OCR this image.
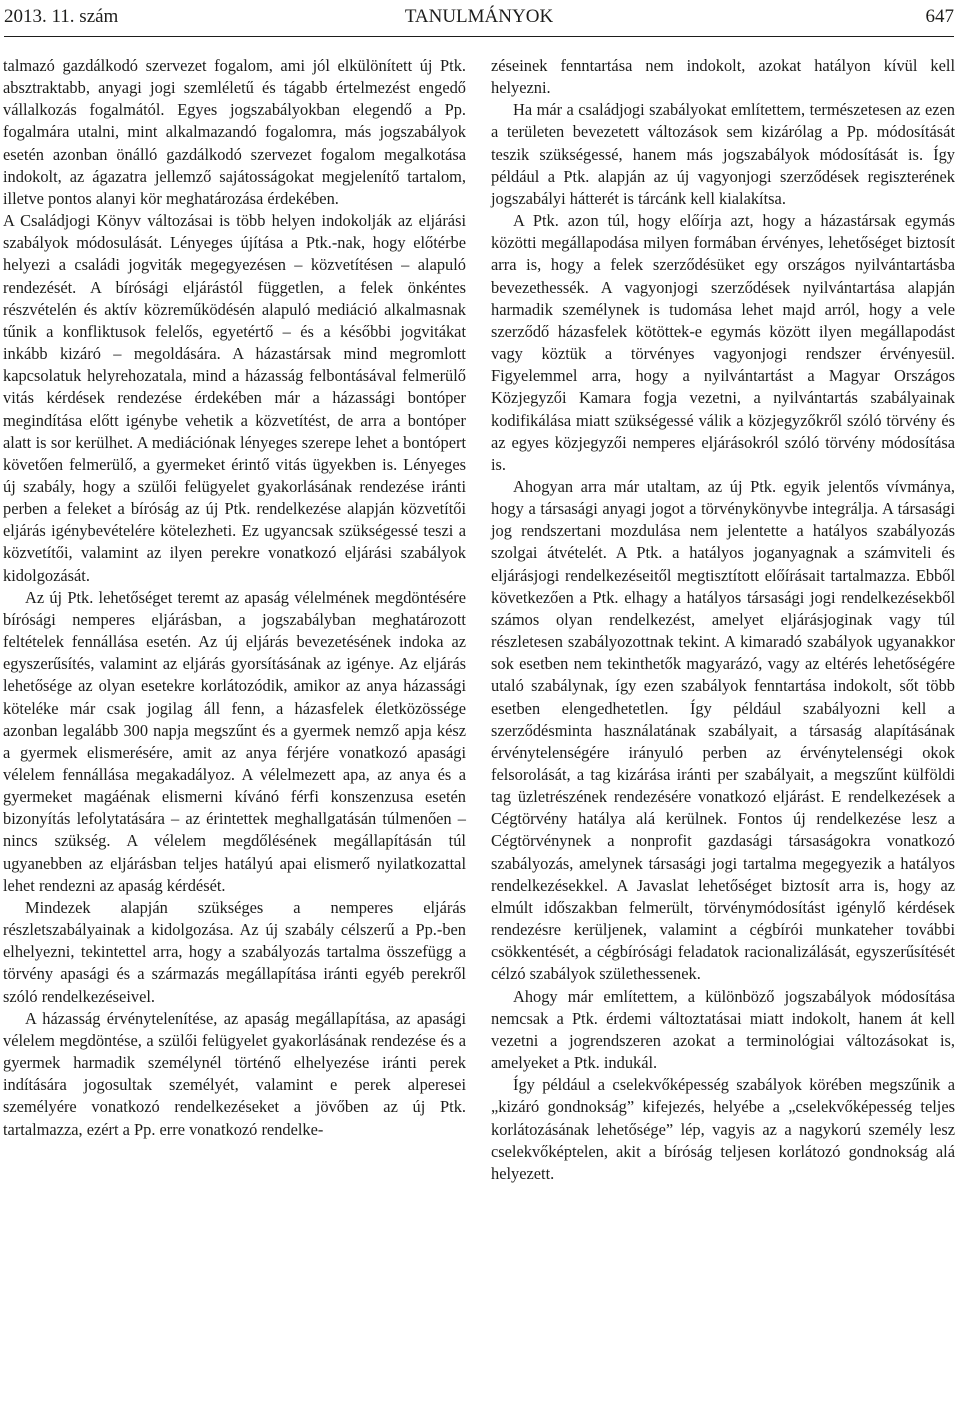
2013. 11. szám	TANULMÁNYOK	647

talmazó gazdálkodó szervezet fogalom, ami jól elkülönített új Ptk. absztraktabb, anyagi jogi szemléletű és tágabb értelmezést engedő vállalkozás fogalmától. Egyes jogszabályokban elegendő a Pp. fogalmára utalni, mint alkalmazandó fogalomra, más jogszabályok esetén azonban önálló gazdálkodó szervezet fogalom megalkotása indokolt, az ágazatra jellemző sajátosságokat megjelenítő tartalom, illetve pontos alanyi kör meghatározása érdekében.

A Családjogi Könyv változásai is több helyen indokolják az eljárási szabályok módosulását. Lényeges újítása a Ptk.-nak, hogy előtérbe helyezi a családi jogviták megegyezésen – közvetítésen – alapuló rendezését. A bírósági eljárástól független, a felek önkéntes részvételén és aktív közreműködésén alapuló mediáció alkalmasnak tűnik a konfliktusok felelős, egyetértő – és a későbbi jogvitákat inkább kizáró – megoldására. A házastársak mind megromlott kapcsolatuk helyrehozatala, mind a házasság felbontásával felmerülő vitás kérdések rendezése érdekében már a házassági bontóper megindítása előtt igénybe vehetik a közvetítést, de arra a bontóper alatt is sor kerülhet. A mediációnak lényeges szerepe lehet a bontópert követően felmerülő, a gyermeket érintő vitás ügyekben is. Lényeges új szabály, hogy a szülői felügyelet gyakorlásának rendezése iránti perben a feleket a bíróság az új Ptk. rendelkezése alapján közvetítői eljárás igénybevételére kötelezheti. Ez ugyancsak szükségessé teszi a közvetítői, valamint az ilyen perekre vonatkozó eljárási szabályok kidolgozását.

Az új Ptk. lehetőséget teremt az apaság vélelmének megdöntésére bírósági nemperes eljárásban, a jogszabályban meghatározott feltételek fennállása esetén. Az új eljárás bevezetésének indoka az egyszerűsítés, valamint az eljárás gyorsításának az igénye. Az eljárás lehetősége az olyan esetekre korlátozódik, amikor az anya házassági köteléke már csak jogilag áll fenn, a házasfelek életközössége azonban legalább 300 napja megszűnt és a gyermek nemző apja kész a gyermek elismerésére, amit az anya férjére vonatkozó apasági vélelem fennállása megakadályoz. A vélelmezett apa, az anya és a gyermeket magáénak elismerni kívánó férfi konszenzusa esetén bizonyítás lefolytatására – az érintettek meghallgatásán túlmenően – nincs szükség. A vélelem megdőlésének megállapításán túl ugyanebben az eljárásban teljes hatályú apai elismerő nyilatkozattal lehet rendezni az apaság kérdését.

Mindezek alapján szükséges a nemperes eljárás részletszabályainak a kidolgozása. Az új szabály célszerű a Pp.-ben elhelyezni, tekintettel arra, hogy a szabályozás tartalma összefügg a törvény apasági és a származás megállapítása iránti egyéb perekről szóló rendelkezéseivel.

A házasság érvénytelenítése, az apaság megállapítása, az apasági vélelem megdöntése, a szülői felügyelet gyakorlásának rendezése és a gyermek harmadik személynél történő elhelyezése iránti perek indítására jogosultak személyét, valamint e perek alperesei személyére vonatkozó rendelkezéseket a jövőben az új Ptk. tartalmazza, ezért a Pp. erre vonatkozó rendelke-

zéseinek fenntartása nem indokolt, azokat hatályon kívül kell helyezni.

Ha már a családjogi szabályokat említettem, természetesen az ezen a területen bevezetett változások sem kizárólag a Pp. módosítását teszik szükségessé, hanem más jogszabályok módosítását is. Így például a Ptk. alapján az új vagyonjogi szerződések regiszterének jogszabályi hátterét is tárcánk kell kialakítsa.

A Ptk. azon túl, hogy előírja azt, hogy a házastársak egymás közötti megállapodása milyen formában érvényes, lehetőséget biztosít arra is, hogy a felek szerződésüket egy országos nyilvántartásba bevezethessék. A vagyonjogi szerződések nyilvántartása alapján harmadik személynek is tudomása lehet majd arról, hogy a vele szerződő házasfelek kötöttek-e egymás között ilyen megállapodást vagy köztük a törvényes vagyonjogi rendszer érvényesül. Figyelemmel arra, hogy a nyilvántartást a Magyar Országos Közjegyzői Kamara fogja vezetni, a nyilvántartás szabályainak kodifikálása miatt szükségessé válik a közjegyzőkről szóló törvény és az egyes közjegyzői nemperes eljárásokról szóló törvény módosítása is.

Ahogyan arra már utaltam, az új Ptk. egyik jelentős vívmánya, hogy a társasági anyagi jogot a törvénykönyvbe integrálja. A társasági jog rendszertani mozdulása nem jelentette a hatályos szabályozás szolgai átvételét. A Ptk. a hatályos joganyagnak a számviteli és eljárásjogi rendelkezéseitől megtisztított előírásait tartalmazza. Ebből következően a Ptk. elhagy a hatályos társasági jogi rendelkezésekből számos olyan rendelkezést, amelyet eljárásjoginak vagy túl részletesen szabályozottnak tekint. A kimaradó szabályok ugyanakkor sok esetben nem tekinthetők magyarázó, vagy az eltérés lehetőségére utaló szabálynak, így ezen szabályok fenntartása indokolt, sőt több esetben elengedhetetlen. Így például szabályozni kell a szerződésminta használatának szabályait, a társaság alapításának érvénytelenségére irányuló perben az érvénytelenségi okok felsorolását, a tag kizárása iránti per szabályait, a megszűnt külföldi tag üzletrészének rendezésére vonatkozó eljárást. E rendelkezések a Cégtörvény hatálya alá kerülnek. Fontos új rendelkezése lesz a Cégtörvénynek a nonprofit gazdasági társaságokra vonatkozó szabályozás, amelynek társasági jogi tartalma megegyezik a hatályos rendelkezésekkel. A Javaslat lehetőséget biztosít arra is, hogy az elmúlt időszakban felmerült, törvénymódosítást igénylő kérdések rendezésre kerüljenek, valamint a cégbírói munkateher további csökkentését, a cégbírósági feladatok racionalizálását, egyszerűsítését célzó szabályok születhessenek.

Ahogy már említettem, a különböző jogszabályok módosítása nemcsak a Ptk. érdemi változtatásai miatt indokolt, hanem át kell vezetni a jogrendszeren azokat a terminológiai változásokat is, amelyeket a Ptk. indukál.

Így például a cselekvőképesség szabályok körében megszűnik a „kizáró gondnokság” kifejezés, helyébe a „cselekvőképesség teljes korlátozásának lehetősége” lép, vagyis az a nagykorú személy lesz cselekvőképtelen, akit a bíróság teljesen korlátozó gondnokság alá helyezett.
